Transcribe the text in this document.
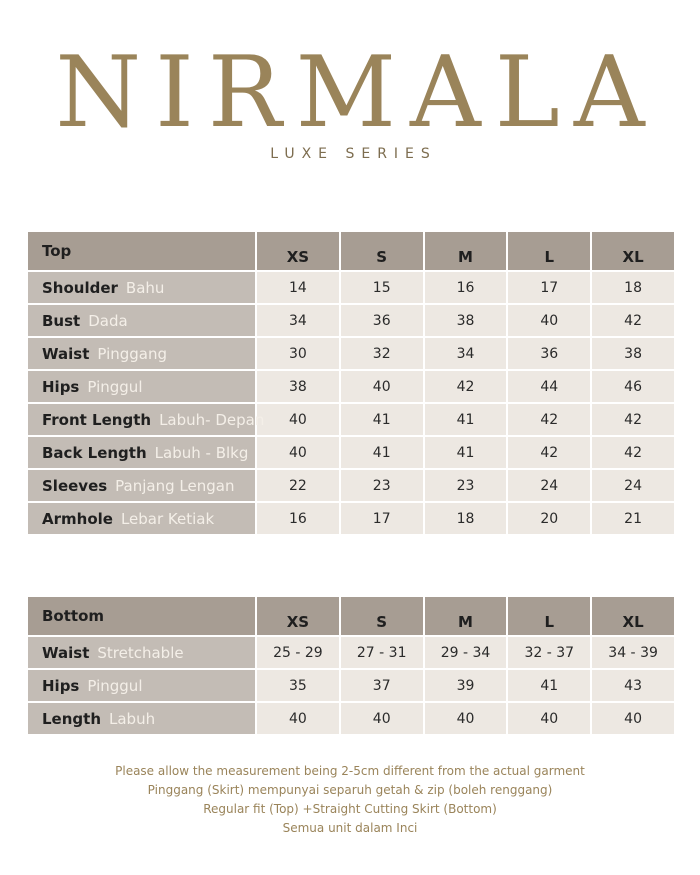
NIRMALA
LUXE SERIES
Top	XS	S	M	L	XL
Shoulder Bahu	14	15	16	17	18
Bust Dada	34	36	38	40	42
Waist Pinggang	30	32	34	36	38
Hips Pinggul	38	40	42	44	46
Front Length Labuh- Depan	40	41	41	42	42
Back Length Labuh - Blkg	40	41	41	42	42
Sleeves Panjang Lengan	22	23	23	24	24
Armhole Lebar Ketiak	16	17	18	20	21
Bottom	XS	S	M	L	XL
Waist Stretchable	25 - 29	27 - 31	29 - 34	32 - 37	34 - 39
Hips Pinggul	35	37	39	41	43
Length Labuh	40	40	40	40	40
Please allow the measurement being 2-5cm different from the actual garment
Pinggang (Skirt) mempunyai separuh getah & zip (boleh renggang)
Regular fit (Top) +Straight Cutting Skirt (Bottom)
Semua unit dalam Inci
